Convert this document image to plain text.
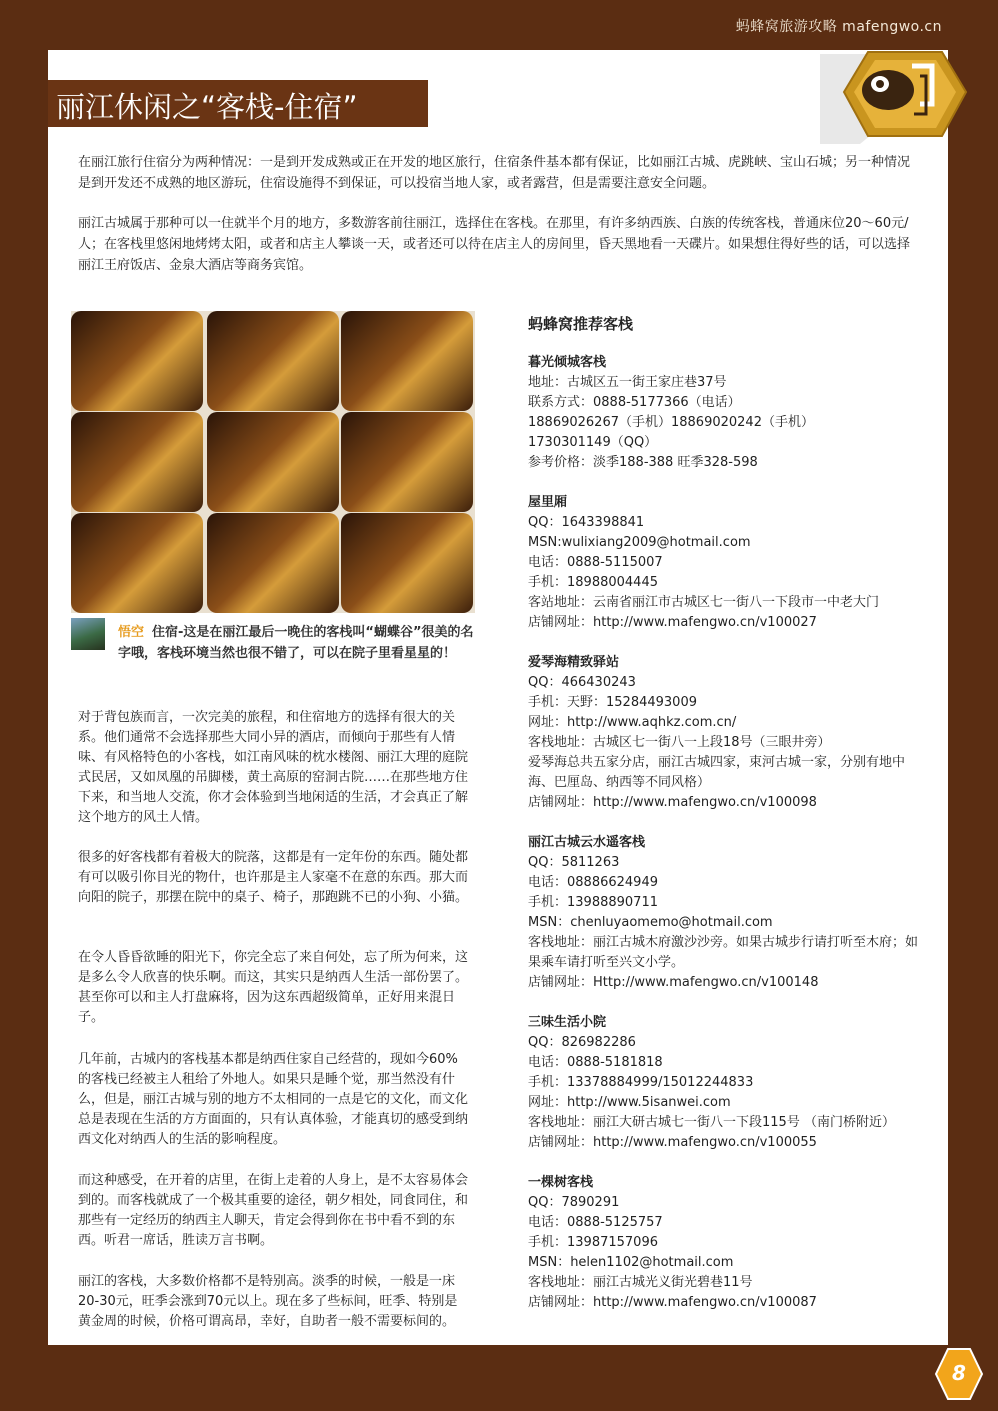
蚂蜂窝旅游攻略 mafengwo.cn
丽江休闲之“客栈-住宿”
在丽江旅行住宿分为两种情况：一是到开发成熟或正在开发的地区旅行，住宿条件基本都有保证，比如丽江古城、虎跳峡、宝山石城；另一种情况是到开发还不成熟的地区游玩，住宿设施得不到保证，可以投宿当地人家，或者露营，但是需要注意安全问题。
丽江古城属于那种可以一住就半个月的地方，多数游客前往丽江，选择住在客栈。在那里，有许多纳西族、白族的传统客栈，普通床位20～60元/人；在客栈里悠闲地烤烤太阳，或者和店主人攀谈一天，或者还可以待在店主人的房间里，昏天黑地看一天碟片。如果想住得好些的话，可以选择丽江王府饭店、金泉大酒店等商务宾馆。
悟空 住宿-这是在丽江最后一晚住的客栈叫“蝴蝶谷”很美的名字哦，客栈环境当然也很不错了，可以在院子里看星星的！
对于背包族而言，一次完美的旅程，和住宿地方的选择有很大的关系。他们通常不会选择那些大同小异的酒店，而倾向于那些有人情味、有风格特色的小客栈，如江南风味的枕水楼阁、丽江大理的庭院式民居，又如凤凰的吊脚楼，黄土高原的窑洞古院……在那些地方住下来，和当地人交流，你才会体验到当地闲适的生活，才会真正了解这个地方的风土人情。
很多的好客栈都有着极大的院落，这都是有一定年份的东西。随处都有可以吸引你目光的物什，也许那是主人家毫不在意的东西。那大而向阳的院子，那摆在院中的桌子、椅子，那跑跳不已的小狗、小猫。
在令人昏昏欲睡的阳光下，你完全忘了来自何处，忘了所为何来，这是多么令人欣喜的快乐啊。而这，其实只是纳西人生活一部份罢了。甚至你可以和主人打盘麻将，因为这东西超级简单，正好用来混日子。
几年前，古城内的客栈基本都是纳西住家自己经营的，现如今60%的客栈已经被主人租给了外地人。如果只是睡个觉，那当然没有什么，但是，丽江古城与别的地方不太相同的一点是它的文化，而文化总是表现在生活的方方面面的，只有认真体验，才能真切的感受到纳西文化对纳西人的生活的影响程度。
而这种感受，在开着的店里，在街上走着的人身上，是不太容易体会到的。而客栈就成了一个极其重要的途径，朝夕相处，同食同住，和那些有一定经历的纳西主人聊天，肯定会得到你在书中看不到的东西。听君一席话，胜读万言书啊。
丽江的客栈，大多数价格都不是特别高。淡季的时候，一般是一床20-30元，旺季会涨到70元以上。现在多了些标间，旺季、特别是黄金周的时候，价格可谓高昂，幸好，自助者一般不需要标间的。
蚂蜂窝推荐客栈
暮光倾城客栈
地址：古城区五一街王家庄巷37号
联系方式：0888-5177366（电话）
18869026267（手机）18869020242（手机）
1730301149（QQ）
参考价格：淡季188-388 旺季328-598
屋里厢
QQ：1643398841
MSN:wulixiang2009@hotmail.com
电话：0888-5115007
手机：18988004445
客站地址：云南省丽江市古城区七一街八一下段市一中老大门
店铺网址：http://www.mafengwo.cn/v100027
爱琴海精致驿站
QQ：466430243
手机：天野：15284493009
网址：http://www.aqhkz.com.cn/
客栈地址：古城区七一街八一上段18号（三眼井旁）
爱琴海总共五家分店，丽江古城四家，束河古城一家，分别有地中海、巴厘岛、纳西等不同风格）
店铺网址：http://www.mafengwo.cn/v100098
丽江古城云水遥客栈
QQ：5811263
电话：08886624949
手机：13988890711
MSN：chenluyaomemo@hotmail.com
客栈地址：丽江古城木府激沙沙旁。如果古城步行请打听至木府；如果乘车请打听至兴文小学。
店铺网址：Http://www.mafengwo.cn/v100148
三味生活小院
QQ：826982286
电话：0888-5181818
手机：13378884999/15012244833
网址：http://www.5isanwei.com
客栈地址：丽江大研古城七一街八一下段115号 （南门桥附近）
店铺网址：http://www.mafengwo.cn/v100055
一棵树客栈
QQ：7890291
电话：0888-5125757
手机：13987157096
MSN：helen1102@hotmail.com
客栈地址：丽江古城光义街光碧巷11号
店铺网址：http://www.mafengwo.cn/v100087
8
